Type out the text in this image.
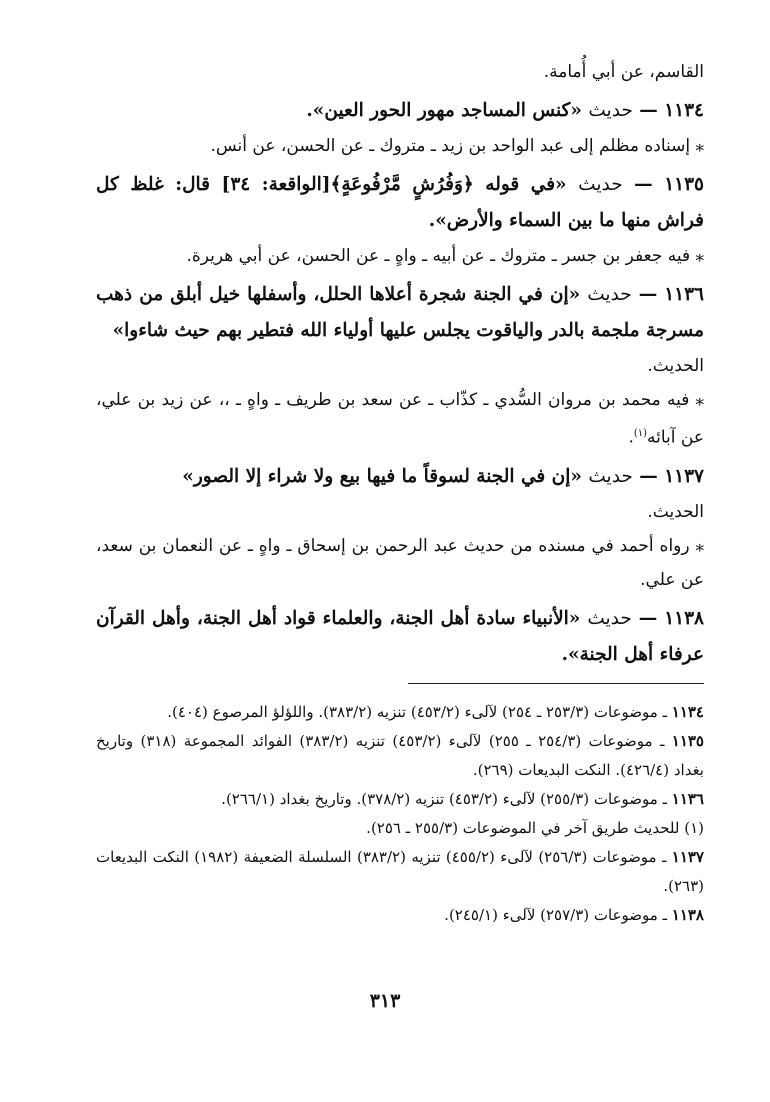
القاسم، عن أبي أُمامة.
١١٣٤ — حديث «كنس المساجد مهور الحور العين».
⁎ إسناده مظلم إلى عبد الواحد بن زيد ـ متروك ـ عن الحسن، عن أنس.
١١٣٥ — حديث «في قوله ﴿وَفُرُشٍ مَّرْفُوعَةٍ﴾[الواقعة: ٣٤] قال: غلظ كل فراش منها ما بين السماء والأرض».
⁎ فيه جعفر بن جسر ـ متروك ـ عن أبيه ـ واهٍ ـ عن الحسن، عن أبي هريرة.
١١٣٦ — حديث «إن في الجنة شجرة أعلاها الحلل، وأسفلها خيل أبلق من ذهب مسرجة ملجمة بالدر والياقوت يجلس عليها أولياء الله فتطير بهم حيث شاءوا»
الحديث.
⁎ فيه محمد بن مروان السُّدي ـ كذّاب ـ عن سعد بن طريف ـ واهٍ ـ ،، عن زيد بن علي، عن آبائه$^{(١)}$.
١١٣٧ — حديث «إن في الجنة لسوقاً ما فيها بيع ولا شراء إلا الصور»
الحديث.
⁎ رواه أحمد في مسنده من حديث عبد الرحمن بن إسحاق ـ واهٍ ـ عن النعمان بن سعد، عن علي.
١١٣٨ — حديث «الأنبياء سادة أهل الجنة، والعلماء قواد أهل الجنة، وأهل القرآن عرفاء أهل الجنة».
١١٣٤ ـ موضوعات (٢٥٣/٣ ـ ٢٥٤) لآلىء (٤٥٣/٢) تنزيه (٣٨٣/٢). واللؤلؤ المرصوع (٤٠٤).
١١٣٥ ـ موضوعات (٢٥٤/٣ ـ ٢٥٥) لآلىء (٤٥٣/٢) تنزيه (٣٨٣/٢) الفوائد المجموعة (٣١٨) وتاريخ بغداد (٤٢٦/٤). النكت البديعات (٢٦٩).
١١٣٦ ـ موضوعات (٢٥٥/٣) لآلىء (٤٥٣/٢) تنزيه (٣٧٨/٢). وتاريخ بغداد (٢٦٦/١).
(١) للحديث طريق آخر في الموضوعات (٢٥٥/٣ ـ ٢٥٦).
١١٣٧ ـ موضوعات (٢٥٦/٣) لآلىء (٤٥٥/٢) تنزيه (٣٨٣/٢) السلسلة الضعيفة (١٩٨٢) النكت البديعات (٢٦٣).
١١٣٨ ـ موضوعات (٢٥٧/٣) لآلىء (٢٤٥/١).
٣١٣
